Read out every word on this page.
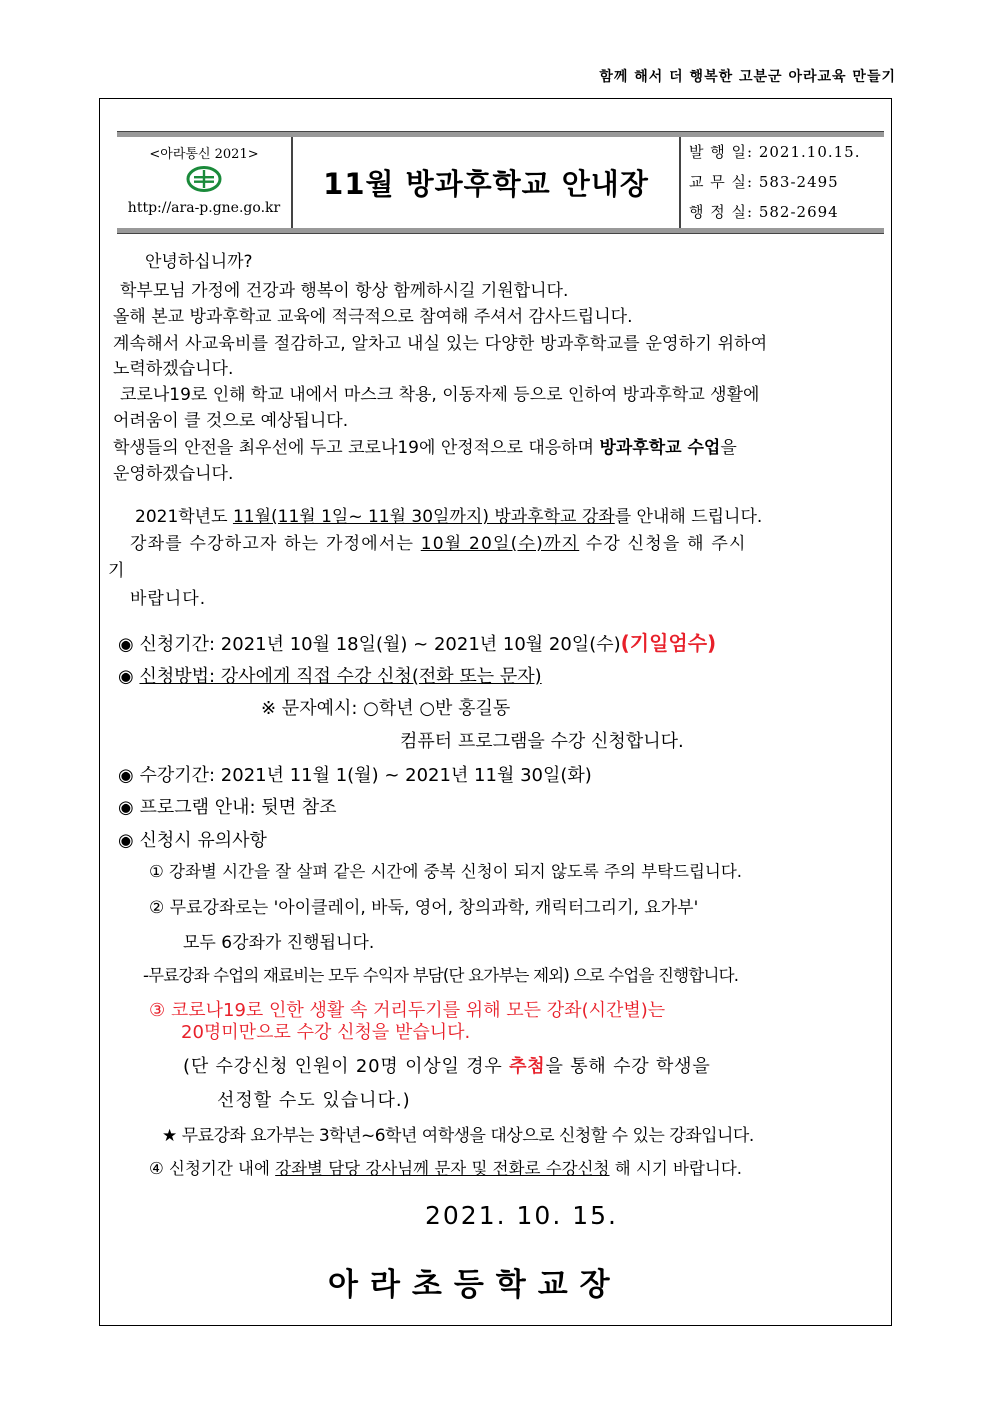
함께 해서 더 행복한 고분군 아라교육 만들기
<아라통신 2021>
http://ara-p.gne.go.kr
11월 방과후학교 안내장
발 행 일: 2021.10.15.
교 무 실: 583-2495
행 정 실: 582-2694
안녕하십니까?
학부모님 가정에 건강과 행복이 항상 함께하시길 기원합니다.
올해 본교 방과후학교 교육에 적극적으로 참여해 주셔서 감사드립니다.
계속해서 사교육비를 절감하고, 알차고 내실 있는 다양한 방과후학교를 운영하기 위하여
노력하겠습니다.
코로나19로 인해 학교 내에서 마스크 착용, 이동자제 등으로 인하여 방과후학교 생활에
어려움이 클 것으로 예상됩니다.
학생들의 안전을 최우선에 두고 코로나19에 안정적으로 대응하며 방과후학교 수업을
운영하겠습니다.
2021학년도 11월(11월 1일~ 11월 30일까지) 방과후학교 강좌를 안내해 드립니다.
강좌를 수강하고자 하는 가정에서는 10월 20일(수)까지 수강 신청을 해 주시
기
바랍니다.
◉ 신청기간: 2021년 10월 18일(월) ~ 2021년 10월 20일(수)(기일엄수)
◉ 신청방법: 강사에게 직접 수강 신청(전화 또는 문자)
※ 문자예시: ○학년 ○반 홍길동
컴퓨터 프로그램을 수강 신청합니다.
◉ 수강기간: 2021년 11월 1(월) ~ 2021년 11월 30일(화)
◉ 프로그램 안내: 뒷면 참조
◉ 신청시 유의사항
① 강좌별 시간을 잘 살펴 같은 시간에 중복 신청이 되지 않도록 주의 부탁드립니다.
② 무료강좌로는 '아이클레이, 바둑, 영어, 창의과학, 캐릭터그리기, 요가부'
모두 6강좌가 진행됩니다.
-무료강좌 수업의 재료비는 모두 수익자 부담(단 요가부는 제외) 으로 수업을 진행합니다.
③ 코로나19로 인한 생활 속 거리두기를 위해 모든 강좌(시간별)는
20명미만으로 수강 신청을 받습니다.
(단 수강신청 인원이 20명 이상일 경우 추첨을 통해 수강 학생을
선정할 수도 있습니다.)
★ 무료강좌 요가부는 3학년~6학년 여학생을 대상으로 신청할 수 있는 강좌입니다.
④ 신청기간 내에 강좌별 담당 강사님께 문자 및 전화로 수강신청 해 시기 바랍니다.
2021. 10. 15.
아라초등학교장
